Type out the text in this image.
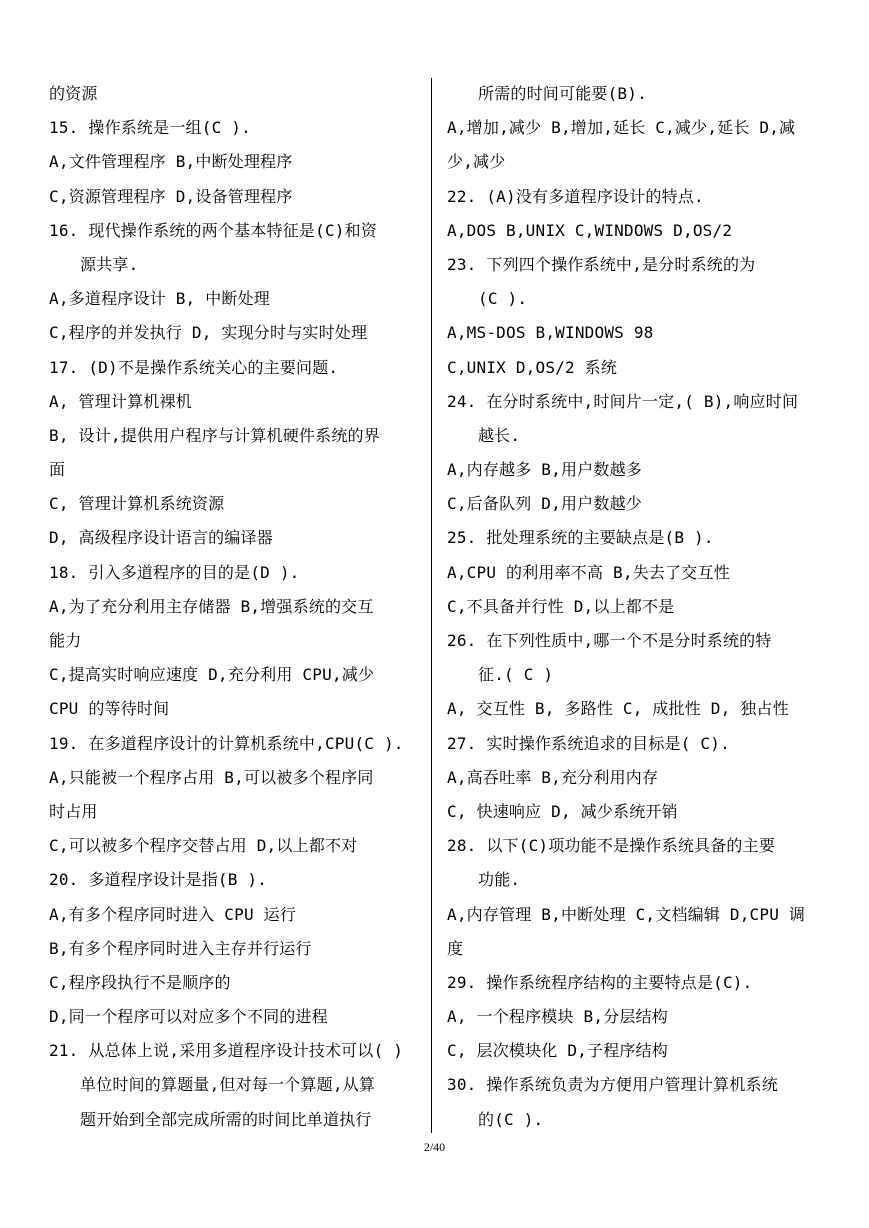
的资源
15. 操作系统是一组(C ).
A,文件管理程序 B,中断处理程序
C,资源管理程序 D,设备管理程序
16. 现代操作系统的两个基本特征是(C)和资
源共享.
A,多道程序设计 B, 中断处理
C,程序的并发执行 D, 实现分时与实时处理
17. (D)不是操作系统关心的主要问题.
A, 管理计算机裸机
B, 设计,提供用户程序与计算机硬件系统的界
面
C, 管理计算机系统资源
D, 高级程序设计语言的编译器
18. 引入多道程序的目的是(D ).
A,为了充分利用主存储器 B,增强系统的交互
能力
C,提高实时响应速度 D,充分利用 CPU,减少
CPU 的等待时间
19. 在多道程序设计的计算机系统中,CPU(C ).
A,只能被一个程序占用 B,可以被多个程序同
时占用
C,可以被多个程序交替占用 D,以上都不对
20. 多道程序设计是指(B ).
A,有多个程序同时进入 CPU 运行
B,有多个程序同时进入主存并行运行
C,程序段执行不是顺序的
D,同一个程序可以对应多个不同的进程
21. 从总体上说,采用多道程序设计技术可以( )
单位时间的算题量,但对每一个算题,从算
题开始到全部完成所需的时间比单道执行
所需的时间可能要(B).
A,增加,减少 B,增加,延长 C,减少,延长 D,减
少,减少
22. (A)没有多道程序设计的特点.
A,DOS B,UNIX C,WINDOWS D,OS/2
23. 下列四个操作系统中,是分时系统的为
(C ).
A,MS-DOS B,WINDOWS 98
C,UNIX D,OS/2 系统
24. 在分时系统中,时间片一定,( B),响应时间
越长.
A,内存越多 B,用户数越多
C,后备队列 D,用户数越少
25. 批处理系统的主要缺点是(B ).
A,CPU 的利用率不高 B,失去了交互性
C,不具备并行性 D,以上都不是
26. 在下列性质中,哪一个不是分时系统的特
征.( C )
A, 交互性 B, 多路性 C, 成批性 D, 独占性
27. 实时操作系统追求的目标是( C).
A,高吞吐率 B,充分利用内存
C, 快速响应 D, 减少系统开销
28. 以下(C)项功能不是操作系统具备的主要
功能.
A,内存管理 B,中断处理 C,文档编辑 D,CPU 调
度
29. 操作系统程序结构的主要特点是(C).
A, 一个程序模块 B,分层结构
C, 层次模块化 D,子程序结构
30. 操作系统负责为方便用户管理计算机系统
的(C ).
2/40
